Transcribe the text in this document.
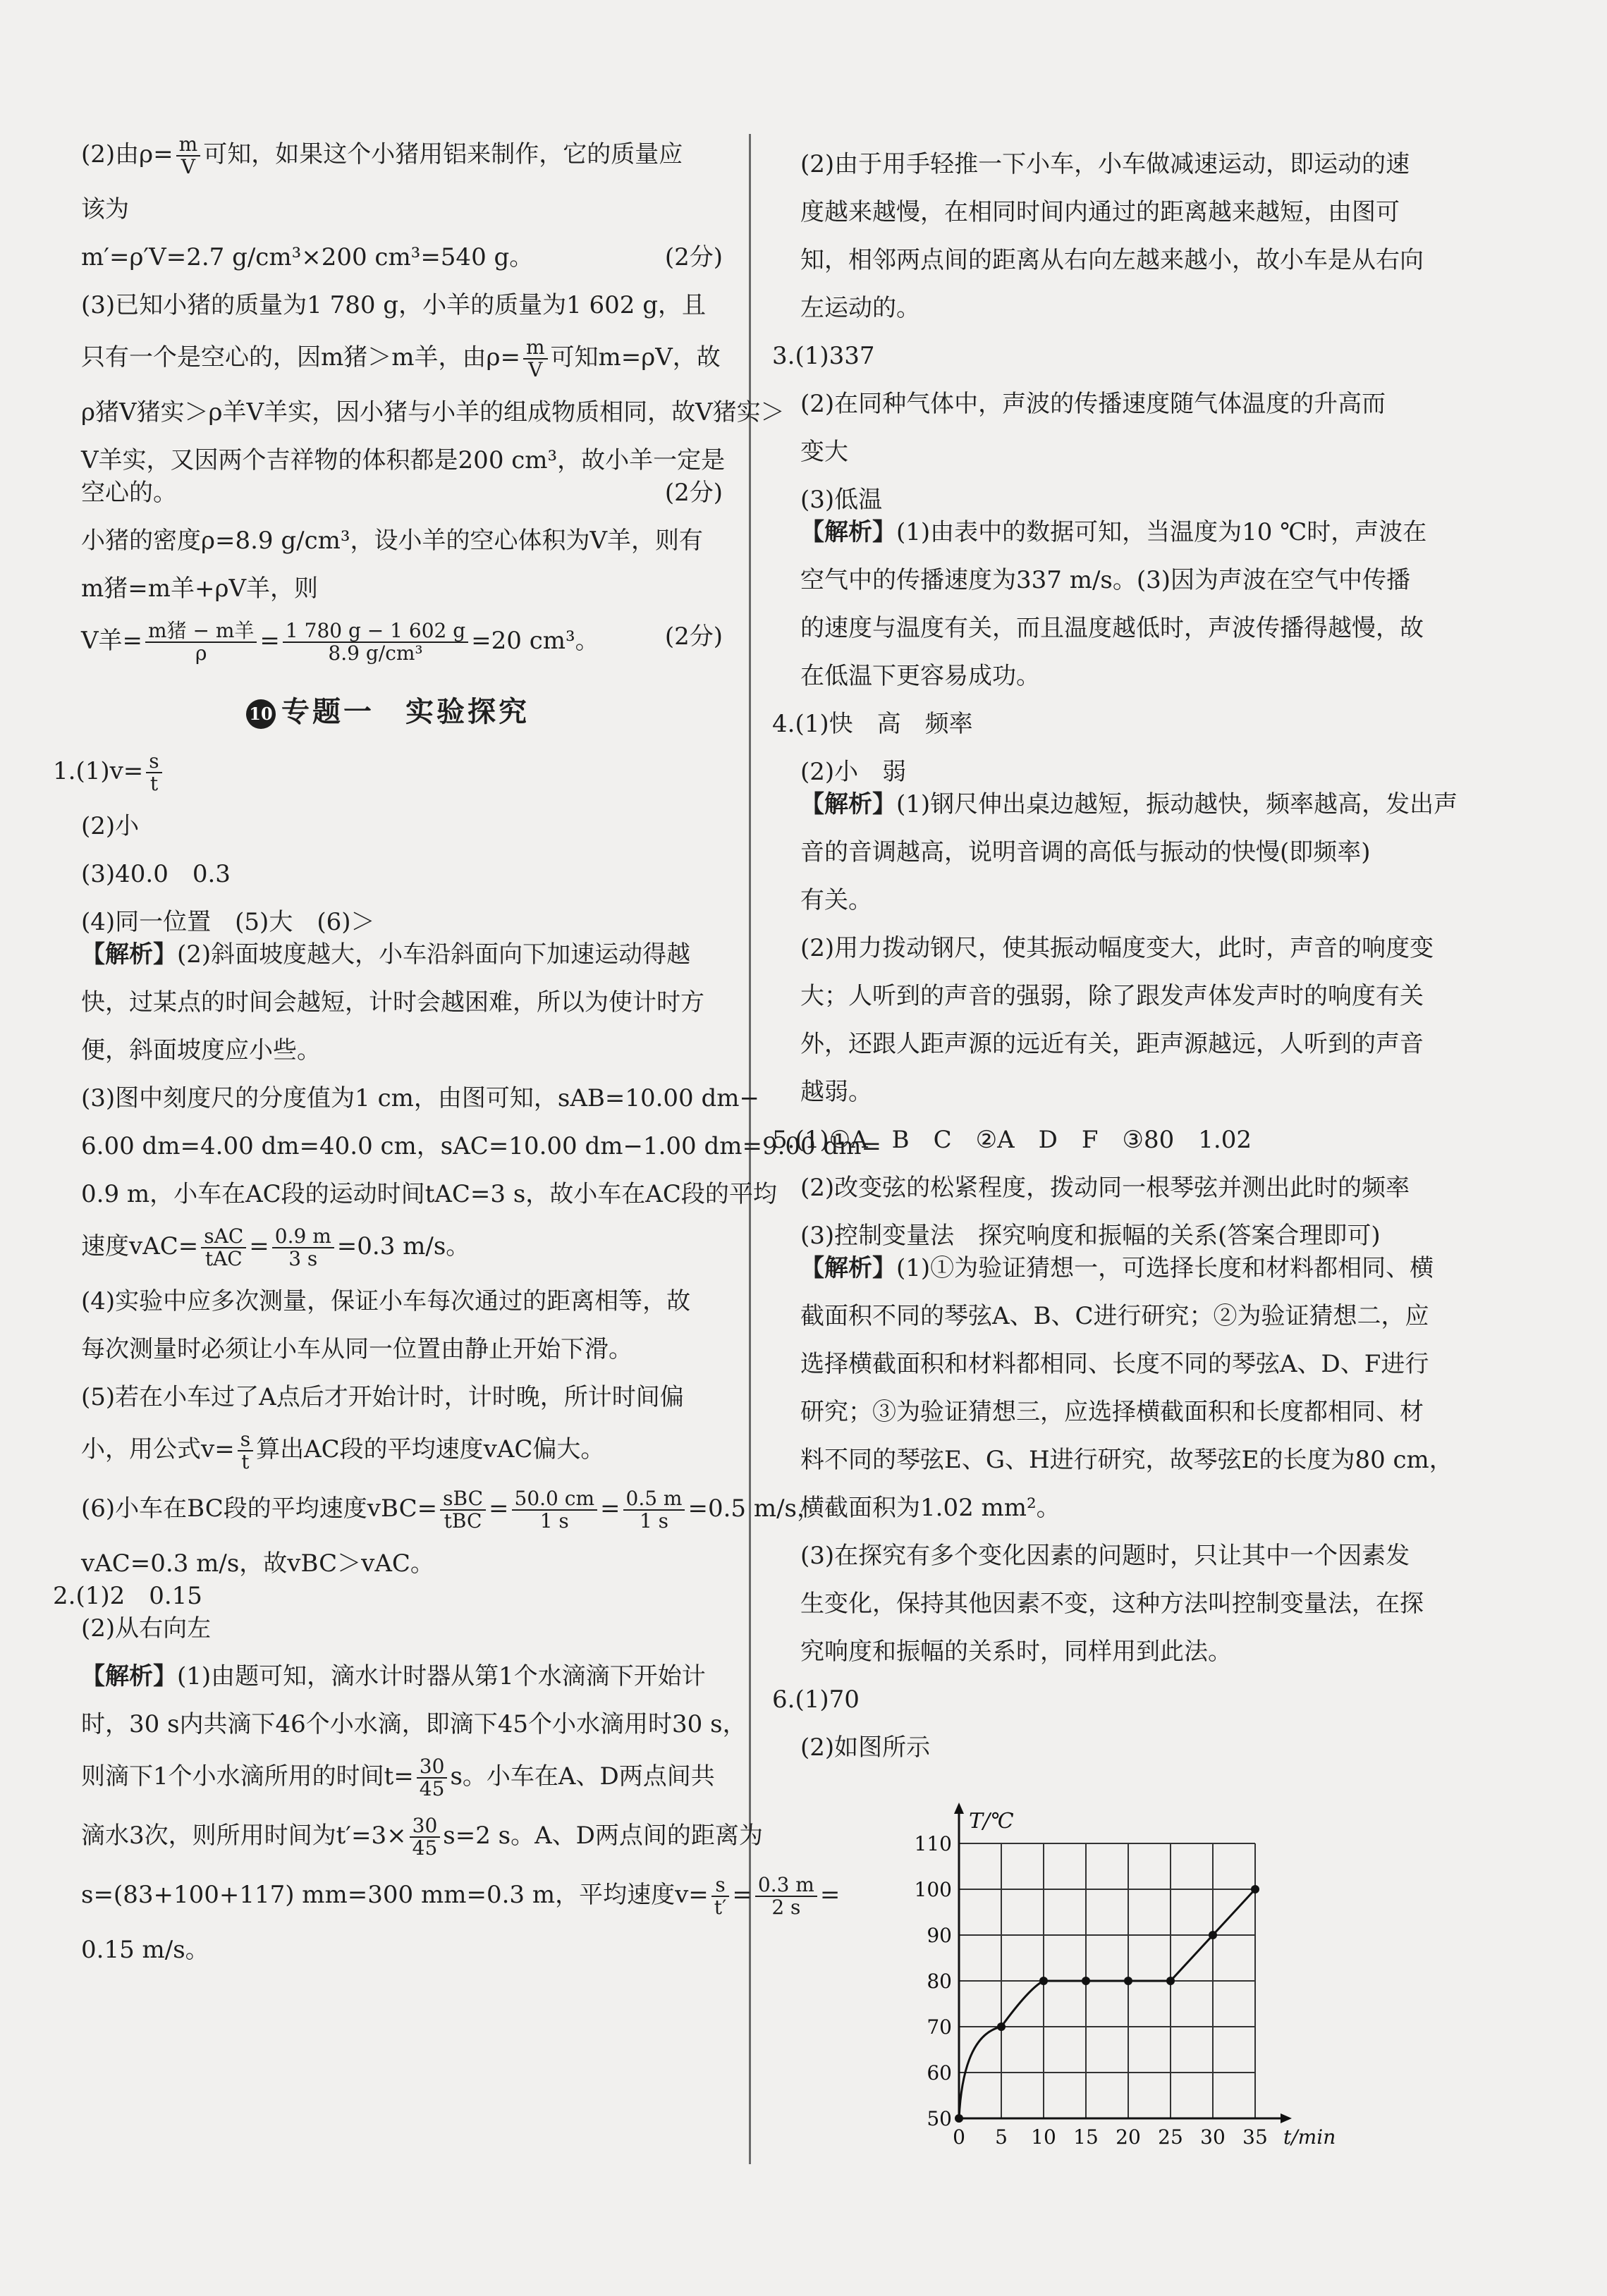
(2)由$\rho= \frac{m}{V}$ 可知，如果这个小猪用铝来制作，它的质量应
该为
m′=ρ′V=2.7 g/cm³×200 cm³=540 g。	(2分)
(3)已知小猪的质量为1 780 g，小羊的质量为1 602 g，且
只有一个是空心的，因m猪＞m羊，由$\rho= \frac{m}{V}$ 可知m=ρV，故
ρ猪V猪实＞ρ羊V羊实，因小猪与小羊的组成物质相同，故V猪实＞
V羊实，又因两个吉祥物的体积都是200 cm³，故小羊一定是
空心的。	(2分)
小猪的密度ρ=8.9 g/cm³，设小羊的空心体积为V羊，则有
m猪=m羊+ρV羊，则
V羊= $\frac{\text{m猪 − m羊}}{\rho} = \frac{1 780 g - 1 602 g}{\text{8.9 g/cm³}} =20$ cm³。	(2分)
10 专题一　实验探究
$1.(1)v= \frac{s}{t}$
(2)小
(3)40.0　0.3
(4)同一位置　(5)大　(6)＞
【解析】(2)斜面坡度越大，小车沿斜面向下加速运动得越
快，过某点的时间会越短，计时会越困难，所以为使计时方
便，斜面坡度应小些。
(3)图中刻度尺的分度值为1 cm，由图可知，sAB=10.00 dm−
6.00 dm=4.00 dm=40.0 cm，sAC=10.00 dm−1.00 dm=9.00 dm=
0.9 m，小车在AC段的运动时间tAC=3 s，故小车在AC段的平均
速度$vAC= \frac{\text{sAC}}{\text{tAC}} = \frac{0.9 m}{3 s} =0.3$ m/s。
(4)实验中应多次测量，保证小车每次通过的距离相等，故
每次测量时必须让小车从同一位置由静止开始下滑。
(5)若在小车过了A点后才开始计时，计时晚，所计时间偏
小，用公式$v= \frac{s}{t}$ 算出AC段的平均速度vAC偏大。
(6)小车在BC段的平均速度$vBC= \frac{\text{sBC}}{\text{tBC}} = \frac{50.0 cm}{1 s} = \frac{0.5 m}{1 s} =0.5$ m/s，
vAC=0.3 m/s，故vBC＞vAC。
2.(1)2　0.15
(2)从右向左
【解析】(1)由题可知，滴水计时器从第1个水滴滴下开始计
时，30 s内共滴下46个小水滴，即滴下45个小水滴用时30 s，
则滴下1个小水滴所用的时间$t= \frac{30}{45}$ s。小车在A、D两点间共
滴水3次，则所用时间为$t'=3\times \frac{30}{45} s=2$ s。A、D两点间的距离为
s=(83+100+117) mm=300 mm=0.3 m，平均速度$v= \frac{s}{t'} = \frac{0.3 m}{2 s}$ =
0.15 m/s。
(2)由于用手轻推一下小车，小车做减速运动，即运动的速
度越来越慢，在相同时间内通过的距离越来越短，由图可
知，相邻两点间的距离从右向左越来越小，故小车是从右向
左运动的。
3.(1)337
(2)在同种气体中，声波的传播速度随气体温度的升高而
变大
(3)低温
【解析】(1)由表中的数据可知，当温度为10 ℃时，声波在
空气中的传播速度为337 m/s。(3)因为声波在空气中传播
的速度与温度有关，而且温度越低时，声波传播得越慢，故
在低温下更容易成功。
4.(1)快　高　频率
(2)小　弱
【解析】(1)钢尺伸出桌边越短，振动越快，频率越高，发出声
音的音调越高，说明音调的高低与振动的快慢(即频率)
有关。
(2)用力拨动钢尺，使其振动幅度变大，此时，声音的响度变
大；人听到的声音的强弱，除了跟发声体发声时的响度有关
外，还跟人距声源的远近有关，距声源越远，人听到的声音
越弱。
5.(1)①A　B　C　②A　D　F　③80　1.02
(2)改变弦的松紧程度，拨动同一根琴弦并测出此时的频率
(3)控制变量法　探究响度和振幅的关系(答案合理即可)
【解析】(1)①为验证猜想一，可选择长度和材料都相同、横
截面积不同的琴弦A、B、C进行研究；②为验证猜想二，应
选择横截面积和材料都相同、长度不同的琴弦A、D、F进行
研究；③为验证猜想三，应选择横截面积和长度都相同、材
料不同的琴弦E、G、H进行研究，故琴弦E的长度为80 cm，
横截面积为1.02 mm²。
(3)在探究有多个变化因素的问题时，只让其中一个因素发
生变化，保持其他因素不变，这种方法叫控制变量法，在探
究响度和振幅的关系时，同样用到此法。
6.(1)70
(2)如图所示
50
60
70
80
90
100
110
0 5 10 15 20 25 30 35
T/℃
t/min
